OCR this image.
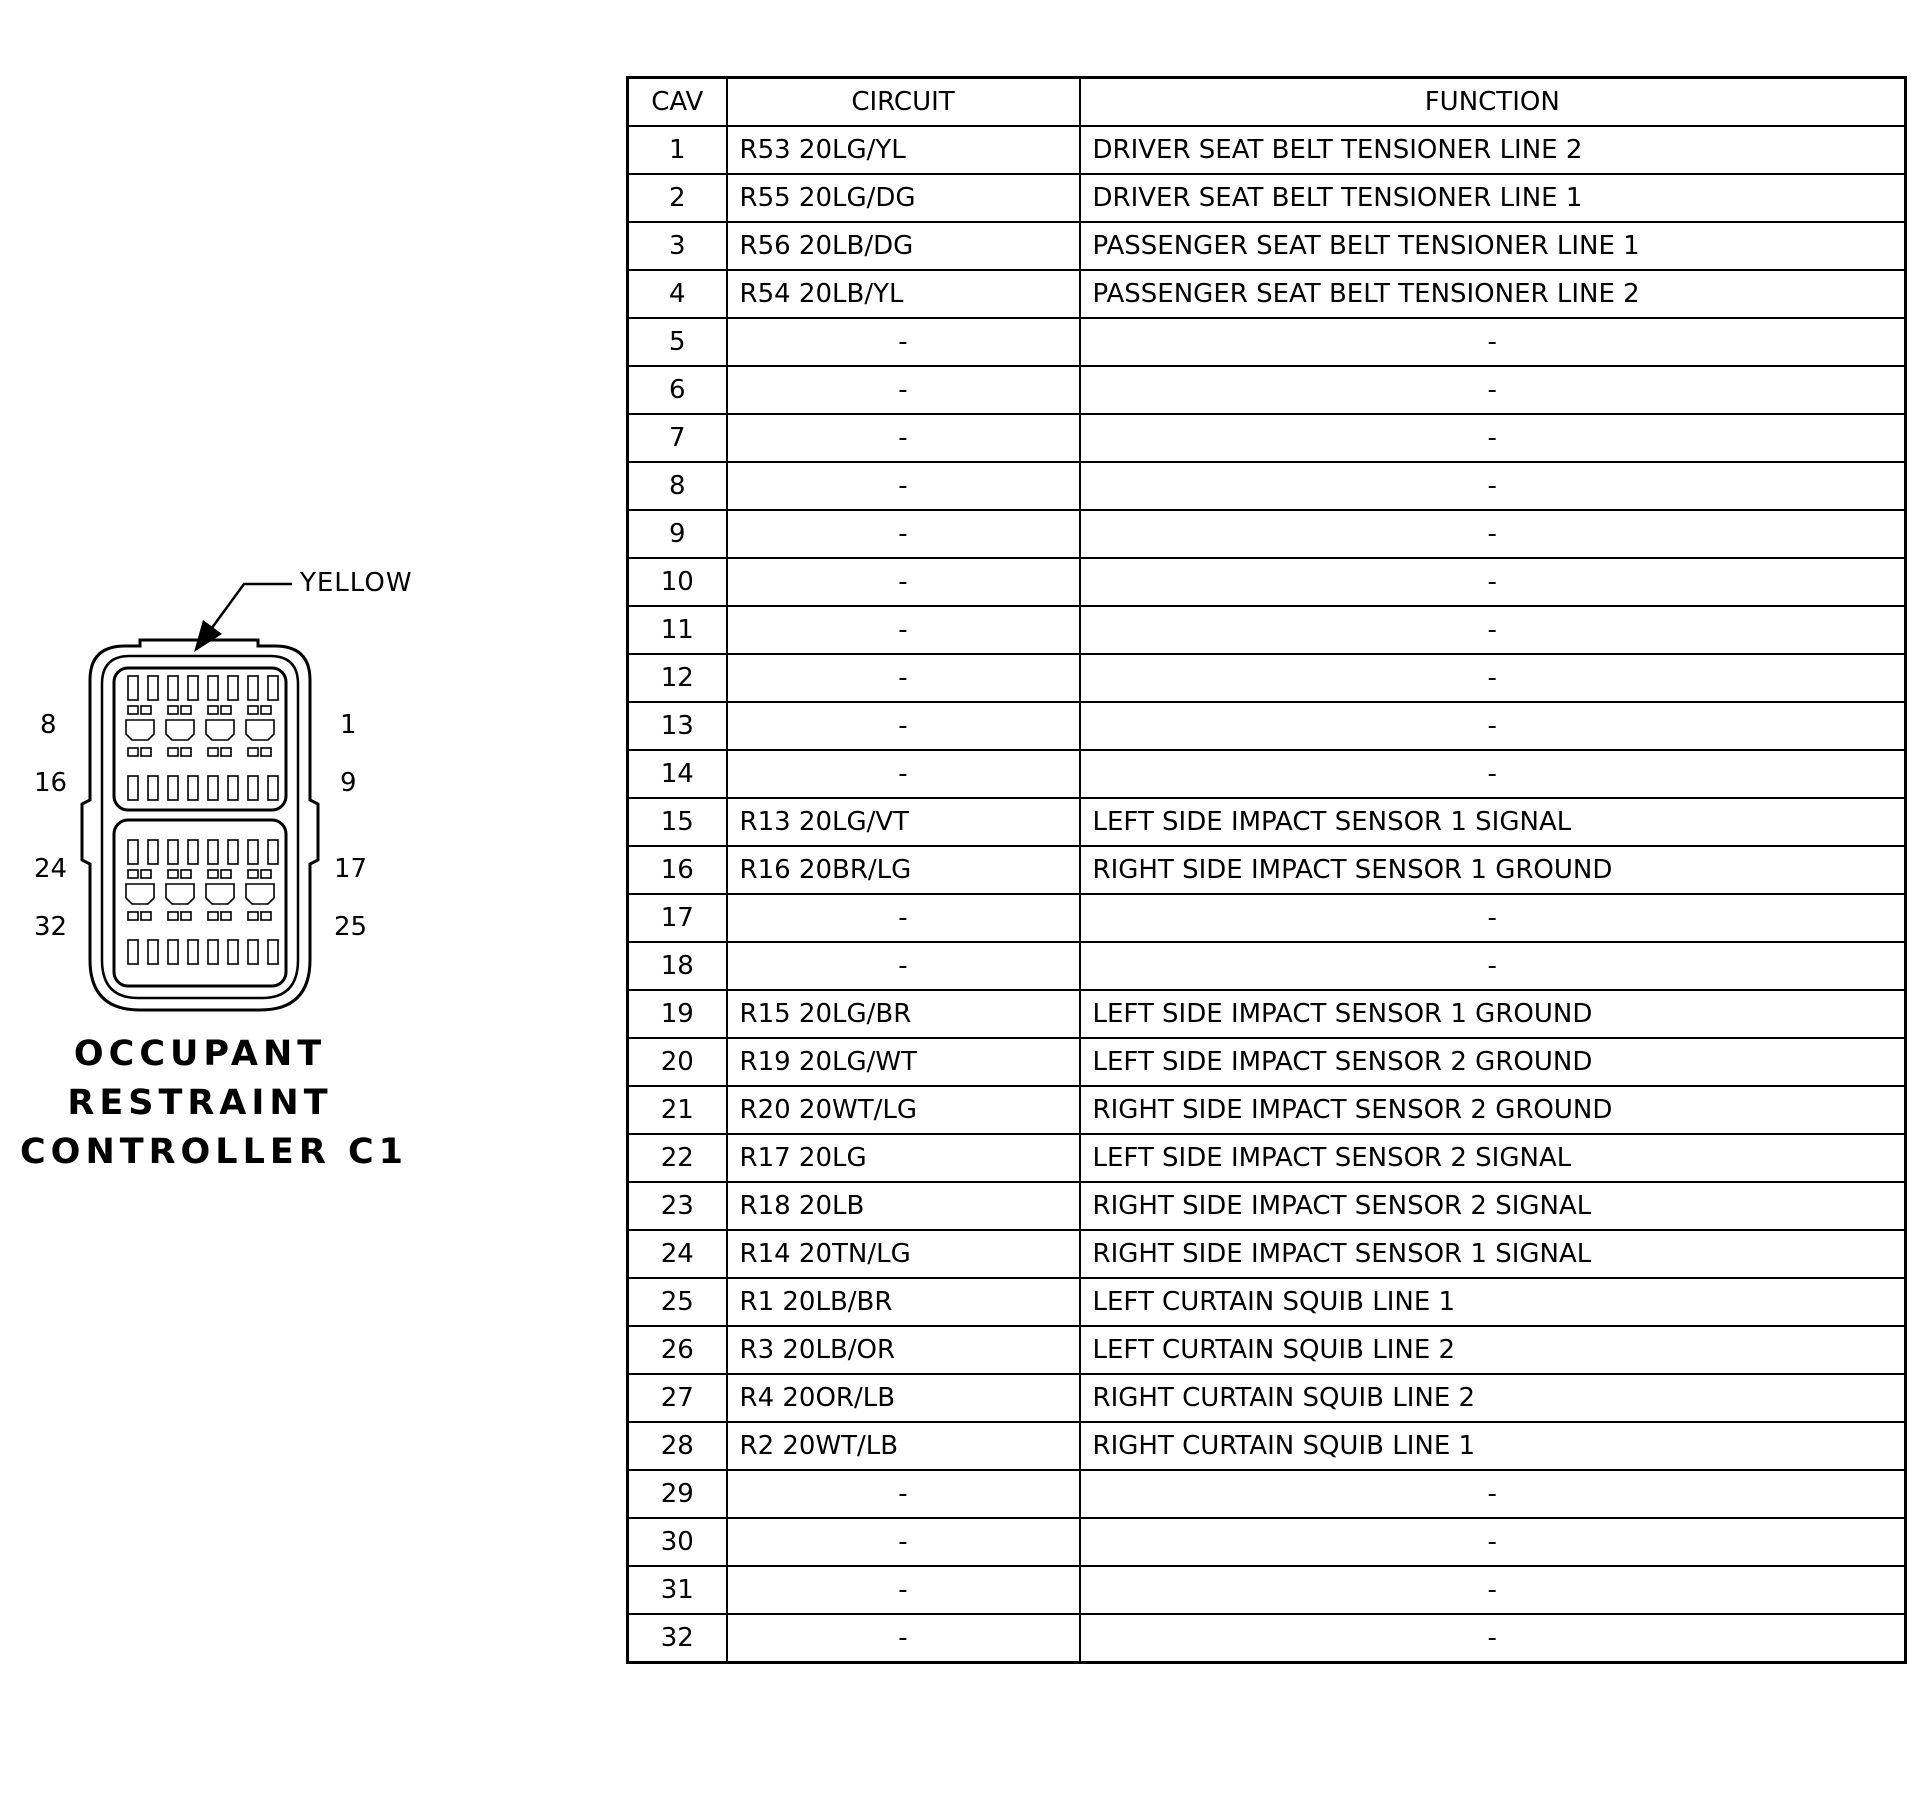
8	1
16	9
24	17
32	25
YELLOW
OCCUPANT
RESTRAINT
CONTROLLER C1
CAV	CIRCUIT	FUNCTION
1	R53 20LG/YL	DRIVER SEAT BELT TENSIONER LINE 2
2	R55 20LG/DG	DRIVER SEAT BELT TENSIONER LINE 1
3	R56 20LB/DG	PASSENGER SEAT BELT TENSIONER LINE 1
4	R54 20LB/YL	PASSENGER SEAT BELT TENSIONER LINE 2
5	-	-
6	-	-
7	-	-
8	-	-
9	-	-
10	-	-
11	-	-
12	-	-
13	-	-
14	-	-
15	R13 20LG/VT	LEFT SIDE IMPACT SENSOR 1 SIGNAL
16	R16 20BR/LG	RIGHT SIDE IMPACT SENSOR 1 GROUND
17	-	-
18	-	-
19	R15 20LG/BR	LEFT SIDE IMPACT SENSOR 1 GROUND
20	R19 20LG/WT	LEFT SIDE IMPACT SENSOR 2 GROUND
21	R20 20WT/LG	RIGHT SIDE IMPACT SENSOR 2 GROUND
22	R17 20LG	LEFT SIDE IMPACT SENSOR 2 SIGNAL
23	R18 20LB	RIGHT SIDE IMPACT SENSOR 2 SIGNAL
24	R14 20TN/LG	RIGHT SIDE IMPACT SENSOR 1 SIGNAL
25	R1 20LB/BR	LEFT CURTAIN SQUIB LINE 1
26	R3 20LB/OR	LEFT CURTAIN SQUIB LINE 2
27	R4 20OR/LB	RIGHT CURTAIN SQUIB LINE 2
28	R2 20WT/LB	RIGHT CURTAIN SQUIB LINE 1
29	-	-
30	-	-
31	-	-
32	-	-
